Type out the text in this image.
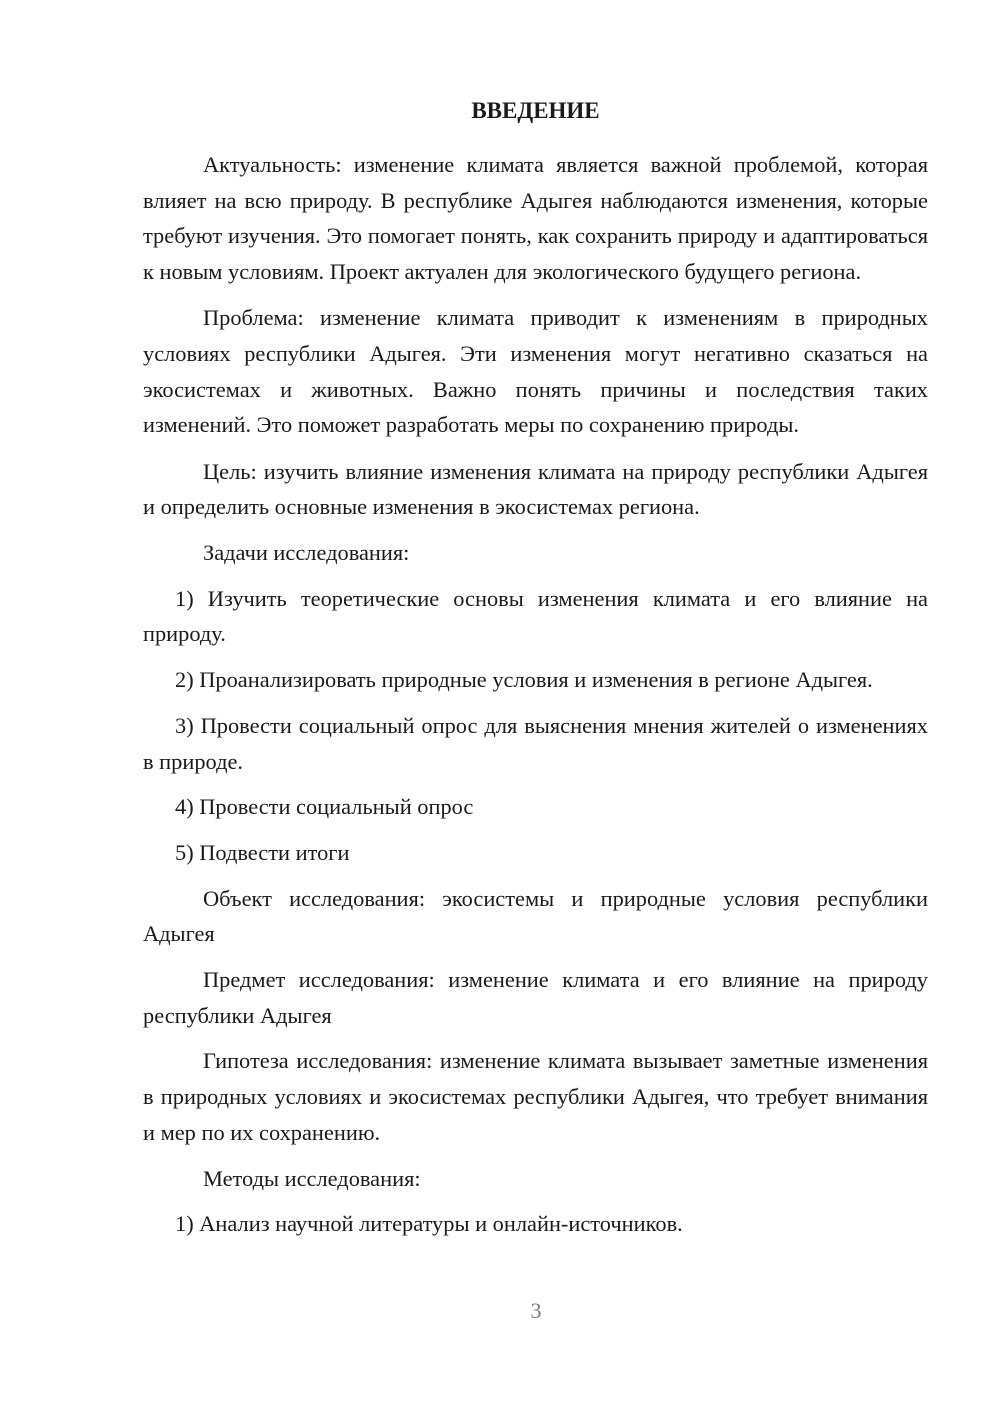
ВВЕДЕНИЕ

Актуальность: изменение климата является важной проблемой, которая влияет на всю природу. В республике Адыгея наблюдаются изменения, которые требуют изучения. Это помогает понять, как сохранить природу и адаптироваться к новым условиям. Проект актуален для экологического будущего региона.

Проблема: изменение климата приводит к изменениям в природных условиях республики Адыгея. Эти изменения могут негативно сказаться на экосистемах и животных. Важно понять причины и последствия таких изменений. Это поможет разработать меры по сохранению природы.

Цель: изучить влияние изменения климата на природу республики Адыгея и определить основные изменения в экосистемах региона.

Задачи исследования:

1) Изучить теоретические основы изменения климата и его влияние на природу.

2) Проанализировать природные условия и изменения в регионе Адыгея.

3) Провести социальный опрос для выяснения мнения жителей о изменениях в природе.

4) Провести социальный опрос

5) Подвести итоги

Объект исследования: экосистемы и природные условия республики Адыгея

Предмет исследования: изменение климата и его влияние на природу республики Адыгея

Гипотеза исследования: изменение климата вызывает заметные изменения в природных условиях и экосистемах республики Адыгея, что требует внимания и мер по их сохранению.

Методы исследования:

1) Анализ научной литературы и онлайн-источников.

3
